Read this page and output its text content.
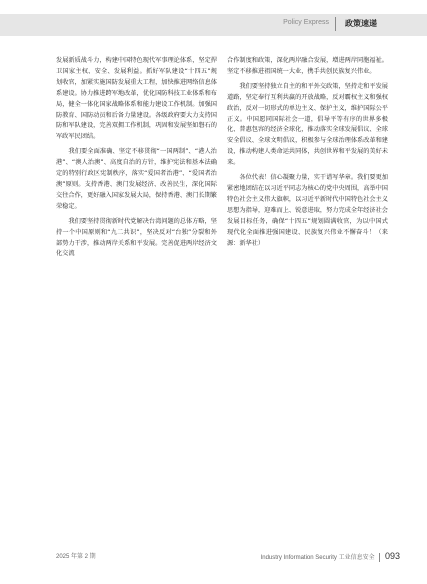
Policy Express 政策速递

发展新质战斗力，构建中国特色现代军事理论体系，坚定捍卫国家主权、安全、发展利益。抓好军队建设“十四五”规划收官，加紧实施国防发展重大工程，加快推进网络信息体系建设。协力推进跨军地改革，优化国防科技工业体系和布局，健全一体化国家战略体系和能力建设工作机制。加强国防教育、国防动员和后备力量建设。各级政府要大力支持国防和军队建设，完善双拥工作机制，巩固和发展坚如磐石的军政军民团结。

我们要全面准确、坚定不移贯彻“一国两制”、“港人治港”、“澳人治澳”、高度自治的方针，维护宪法和基本法确定的特别行政区宪制秩序，落实“爱国者治港”、“爱国者治澳”原则。支持香港、澳门发展经济、改善民生，深化国际交往合作，更好融入国家发展大局，保持香港、澳门长期繁荣稳定。

我们要坚持贯彻新时代党解决台湾问题的总体方略，坚持一个中国原则和“九二共识”，坚决反对“台独”分裂和外部势力干涉，推动两岸关系和平发展。完善促进两岸经济文化交流

合作制度和政策，深化两岸融合发展，增进两岸同胞福祉。坚定不移推进祖国统一大业，携手共创民族复兴伟业。

我们要坚持独立自主的和平外交政策，坚持走和平发展道路，坚定奉行互利共赢的开放战略，反对霸权主义和强权政治，反对一切形式的单边主义、保护主义，维护国际公平正义。中国愿同国际社会一道，倡导平等有序的世界多极化、普惠包容的经济全球化，推动落实全球发展倡议、全球安全倡议、全球文明倡议，积极参与全球治理体系改革和建设，推动构建人类命运共同体，共创世界和平发展的美好未来。

各位代表！信心凝聚力量，实干谱写华章。我们要更加紧密地团结在以习近平同志为核心的党中央周围，高举中国特色社会主义伟大旗帜，以习近平新时代中国特色社会主义思想为指导，迎难而上、锐意进取，努力完成全年经济社会发展目标任务，确保“十四五”规划圆满收官，为以中国式现代化全面推进强国建设、民族复兴伟业不懈奋斗！（来源：新华社）

2025 年第 2 期	Industry Information Security 工业信息安全 093
